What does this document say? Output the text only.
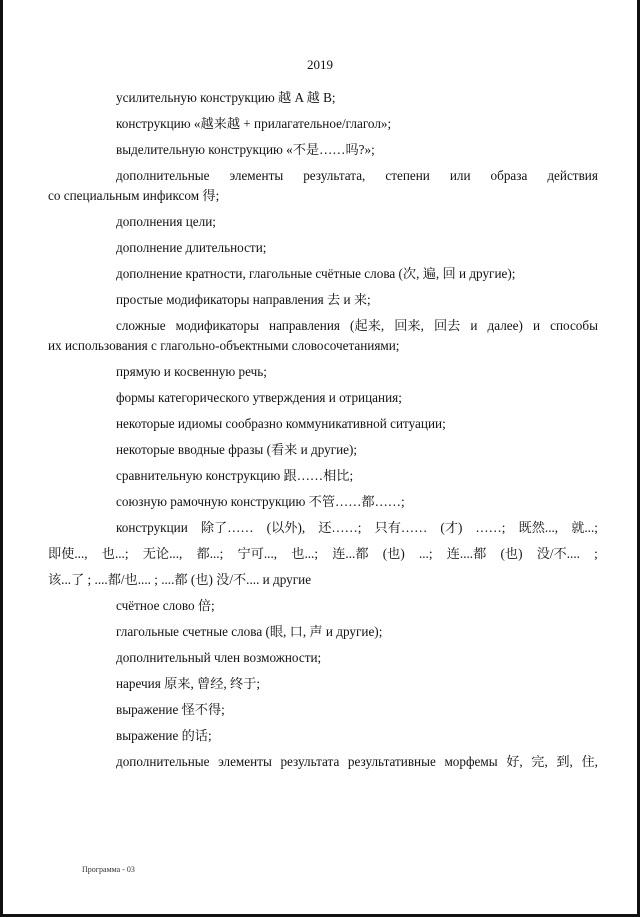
2019
усилительную конструкцию 越 A 越 B;
конструкцию «越来越 + прилагательное/глагол»;
выделительную конструкцию «不是……吗?»;
дополнительные элементы результата, степени или образа действия
со специальным инфиксом 得;
дополнения цели;
дополнение длительности;
дополнение кратности, глагольные счётные слова (次, 遍, 回 и другие);
простые модификаторы направления 去 и 来;
сложные модификаторы направления (起来, 回来, 回去 и далее) и способы
их использования с глагольно-объектными словосочетаниями;
прямую и косвенную речь;
формы категорического утверждения и отрицания;
некоторые идиомы сообразно коммуникативной ситуации;
некоторые вводные фразы (看来 и другие);
сравнительную конструкцию 跟……相比;
союзную рамочную конструкцию 不管……都……;
конструкции 除了…… (以外), 还……; 只有…… (才) ……; 既然..., 就...;
即使..., 也...; 无论..., 都...; 宁可..., 也...; 连...都 (也) ...; 连....都 (也) 没/不.... ;
该...了 ; ....都/也.... ; ....都 (也) 没/不.... и другие
счётное слово 倍;
глагольные счетные слова (眼, 口, 声 и другие);
дополнительный член возможности;
наречия 原来, 曾经, 终于;
выражение 怪不得;
выражение 的话;
дополнительные элементы результата результативные морфемы 好, 完, 到, 住,
Программа - 03
